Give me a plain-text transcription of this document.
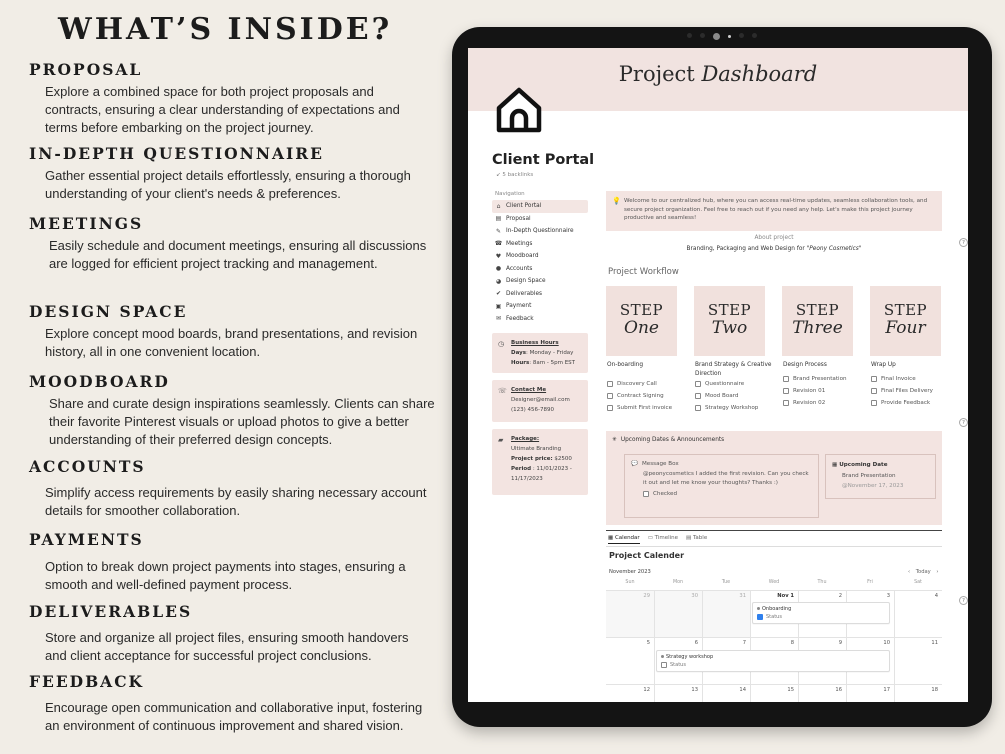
WHAT’S INSIDE?
PROPOSAL

Explore a combined space for both project proposals and contracts, ensuring a clear understanding of expectations and terms before embarking on the project journey.

IN-DEPTH QUESTIONNAIRE

Gather essential project details effortlessly, ensuring a thorough understanding of your client's needs & preferences.

MEETINGS

Easily schedule and document meetings, ensuring all discussions are logged for efficient project tracking and management.

DESIGN SPACE

Explore concept mood boards, brand presentations, and revision history, all in one convenient location.

MOODBOARD

Share and curate design inspirations seamlessly. Clients can share their favorite Pinterest visuals or upload photos to give a better understanding of their preferred design concepts.

ACCOUNTS

Simplify access requirements by easily sharing necessary account details for smoother collaboration.

PAYMENTS

Option to break down project payments into stages, ensuring a smooth and well-defined payment process.

DELIVERABLES

Store and organize all project files, ensuring smooth handovers and client acceptance for successful project conclusions.

FEEDBACK

Encourage open communication and collaborative input, fostering an environment of continuous improvement and shared vision.

Project Dashboard
Client Portal
↙ 5 backlinks
Navigation
⌂ Client Portal
▤ Proposal
✎ In-Depth Questionnaire
☎ Meetings
♥ Moodboard
● Accounts
◕ Design Space
✔ Deliverables
▣ Payment
✉ Feedback
◷ Business Hours
Days: Monday - Friday
Hours: 8am - 5pm EST
☏ Contact Me
Designer@email.com
(123) 456-7890
▰ Package:
Ultimate Branding
Project price: $2500
Period : 11/01/2023 - 11/17/2023
💡 Welcome to our centralized hub, where you can access real-time updates, seamless collaboration tools, and secure project organization. Feel free to reach out if you need any help. Let's make this project journey productive and seamless!
About project
Branding, Packaging and Web Design for "Peony Cosmetics"
Project Workflow
STEP
One
STEP
Two
STEP
Three
STEP
Four
On-boarding
Discovery Call
Contract Signing
Submit First invoice
Brand Strategy & Creative Direction
Questionnaire
Mood Board
Strategy Workshop
Design Process
Brand Presentation
Revision 01
Revision 02
Wrap Up
Final Invoice
Final Files Delivery
Provide Feedback
✳ Upcoming Dates & Announcements
💬 Message Box
@peonycosmetics I added the first revision. Can you check it out and let me know your thoughts? Thanks :)
Checked
▦ Upcoming Date
Brand Presentation
@November 17, 2023
▦ Calendar ▭ Timeline ▤ Table
Project Calender
November 2023	‹ Today ›
Sun	Mon	Tue	Wed	Thu	Fri	Sat
29	30	31	Nov 1	2	3	4
Onboarding
Status
5	6	7	8	9	10	11
Strategy workshop
Status
12	13	14	15	16	17	18
?
?
?
